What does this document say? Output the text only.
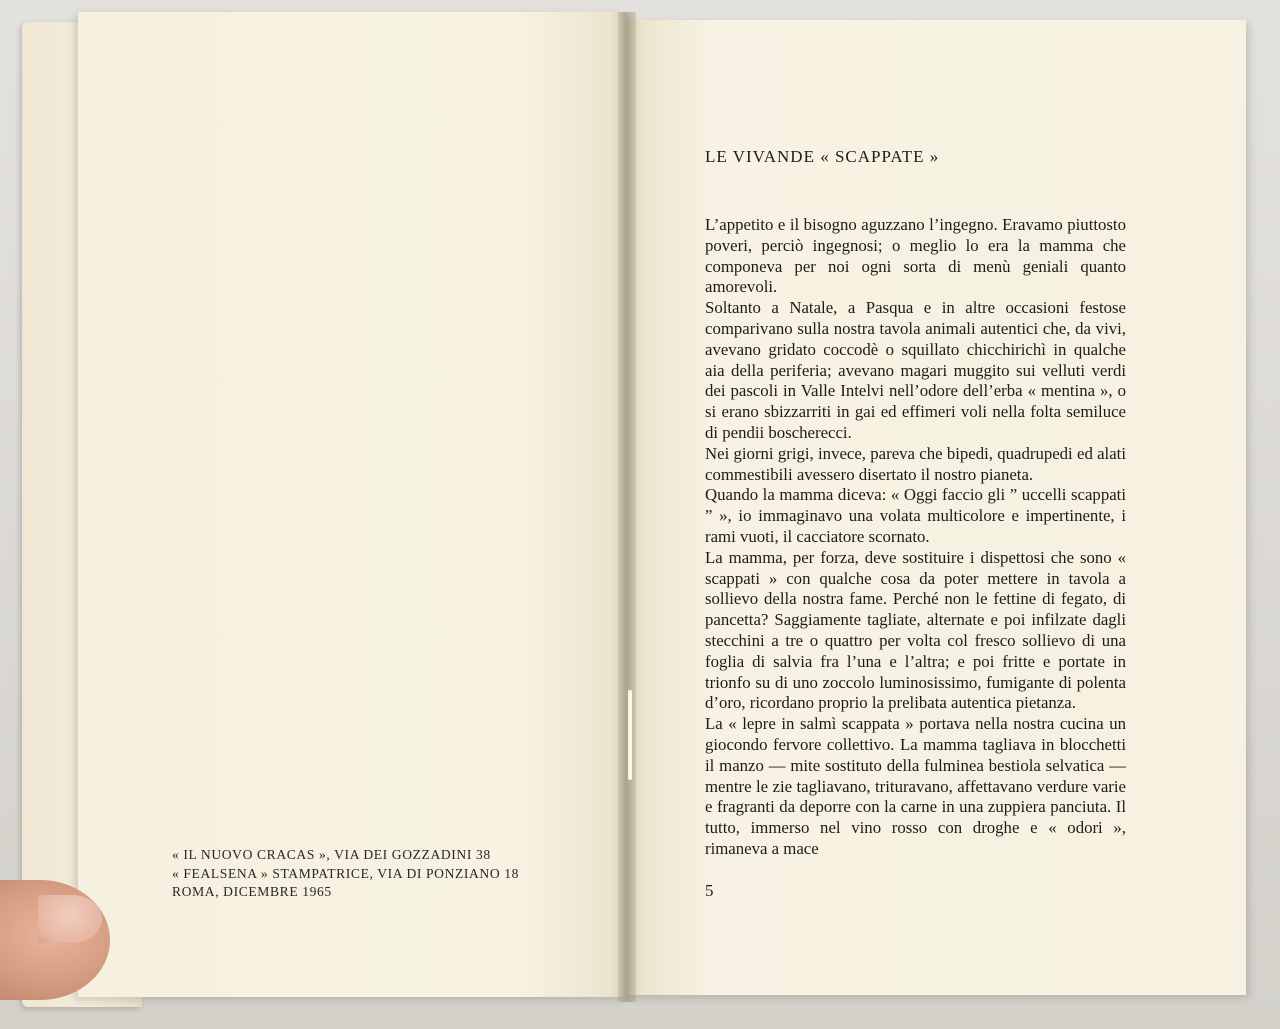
« IL NUOVO CRACAS », VIA DEI GOZZADINI 38
« FEALSENA » STAMPATRICE, VIA DI PONZIANO 18
ROMA, DICEMBRE 1965
LE VIVANDE « SCAPPATE »

L’appetito e il bisogno aguzzano l’ingegno. Eravamo piuttosto poveri, perciò ingegnosi; o meglio lo era la mamma che componeva per noi ogni sorta di menù geniali quanto amorevoli.

Soltanto a Natale, a Pasqua e in altre occasioni festose comparivano sulla nostra tavola animali autentici che, da vivi, avevano gridato coccodè o squillato chicchirichì in qualche aia della periferia; avevano magari muggito sui velluti verdi dei pascoli in Valle Intelvi nell’odore dell’erba « mentina », o si erano sbizzarriti in gai ed effimeri voli nella folta semiluce di pendii boscherecci.

Nei giorni grigi, invece, pareva che bipedi, quadrupedi ed alati commestibili avessero disertato il nostro pianeta.

Quando la mamma diceva: « Oggi faccio gli ” uccelli scappati ” », io immaginavo una volata multicolore e impertinente, i rami vuoti, il cacciatore scornato.

La mamma, per forza, deve sostituire i dispettosi che sono « scappati » con qualche cosa da poter mettere in tavola a sollievo della nostra fame. Perché non le fettine di fegato, di pancetta? Saggiamente tagliate, alternate e poi infilzate dagli stecchini a tre o quattro per volta col fresco sollievo di una foglia di salvia fra l’una e l’altra; e poi fritte e portate in trionfo su di uno zoccolo luminosissimo, fumigante di polenta d’oro, ricordano proprio la prelibata autentica pietanza.

La « lepre in salmì scappata » portava nella nostra cucina un giocondo fervore collettivo. La mamma tagliava in blocchetti il manzo — mite sostituto della fulminea bestiola selvatica — mentre le zie tagliavano, trituravano, affettavano verdure varie e fragranti da deporre con la carne in una zuppiera panciuta. Il tutto, immerso nel vino rosso con droghe e « odori », rimaneva a mace

5
